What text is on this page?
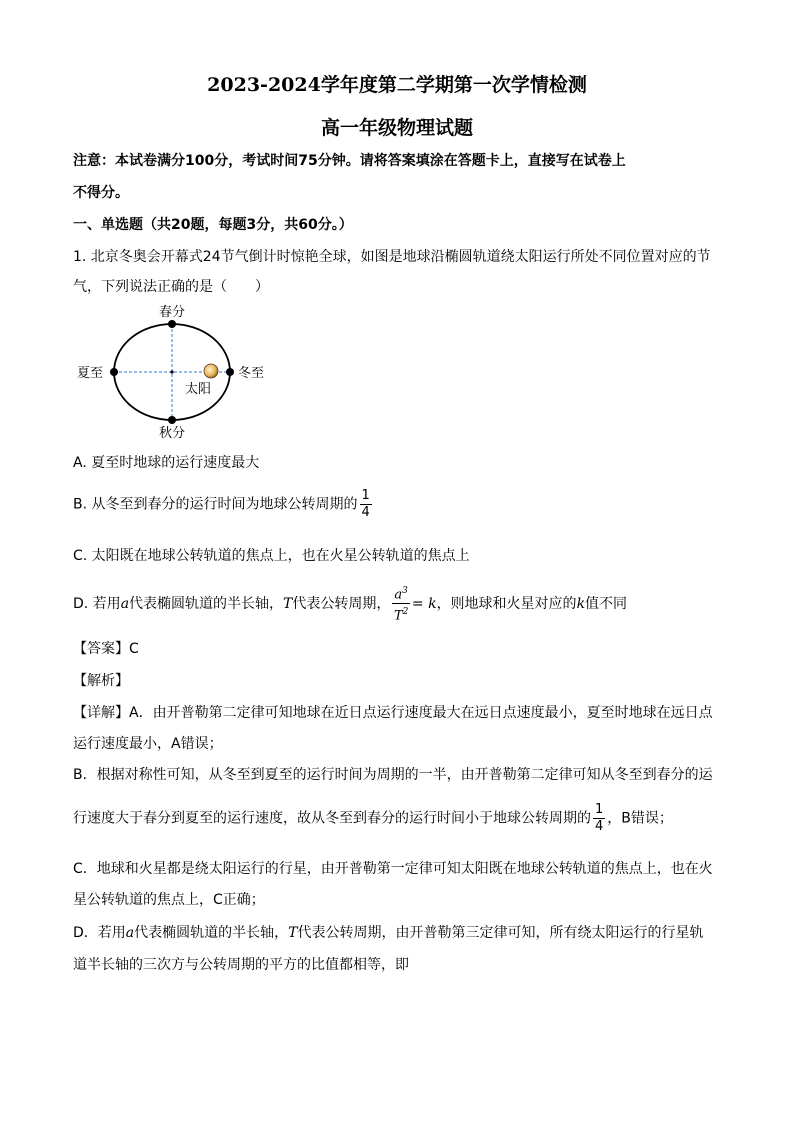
2023-2024学年度第二学期第一次学情检测
高一年级物理试题
注意：本试卷满分100分，考试时间75分钟。请将答案填涂在答题卡上，直接写在试卷上
不得分。
一、单选题（共20题，每题3分，共60分。）
1. 北京冬奥会开幕式24节气倒计时惊艳全球，如图是地球沿椭圆轨道绕太阳运行所处不同位置对应的节
气，下列说法正确的是（　　）
春分
夏至	冬至
秋分
太阳
A. 夏至时地球的运行速度最大
B. 从冬至到春分的运行时间为地球公转周期的 $\frac{1}{4}$
C. 太阳既在地球公转轨道的焦点上，也在火星公转轨道的焦点上
D. 若用a代表椭圆轨道的半长轴，T代表公转周期， $\frac{a^3}{T^2} = k$，则地球和火星对应的k值不同
【答案】C
【解析】
【详解】A．由开普勒第二定律可知地球在近日点运行速度最大在远日点速度最小，夏至时地球在远日点
运行速度最小，A错误；
B．根据对称性可知，从冬至到夏至的运行时间为周期的一半，由开普勒第二定律可知从冬至到春分的运
行速度大于春分到夏至的运行速度，故从冬至到春分的运行时间小于地球公转周期的 $\frac{1}{4}$ ，B错误；
C．地球和火星都是绕太阳运行的行星，由开普勒第一定律可知太阳既在地球公转轨道的焦点上，也在火
星公转轨道的焦点上，C正确；
D．若用a代表椭圆轨道的半长轴，T代表公转周期，由开普勒第三定律可知，所有绕太阳运行的行星轨
道半长轴的三次方与公转周期的平方的比值都相等，即
